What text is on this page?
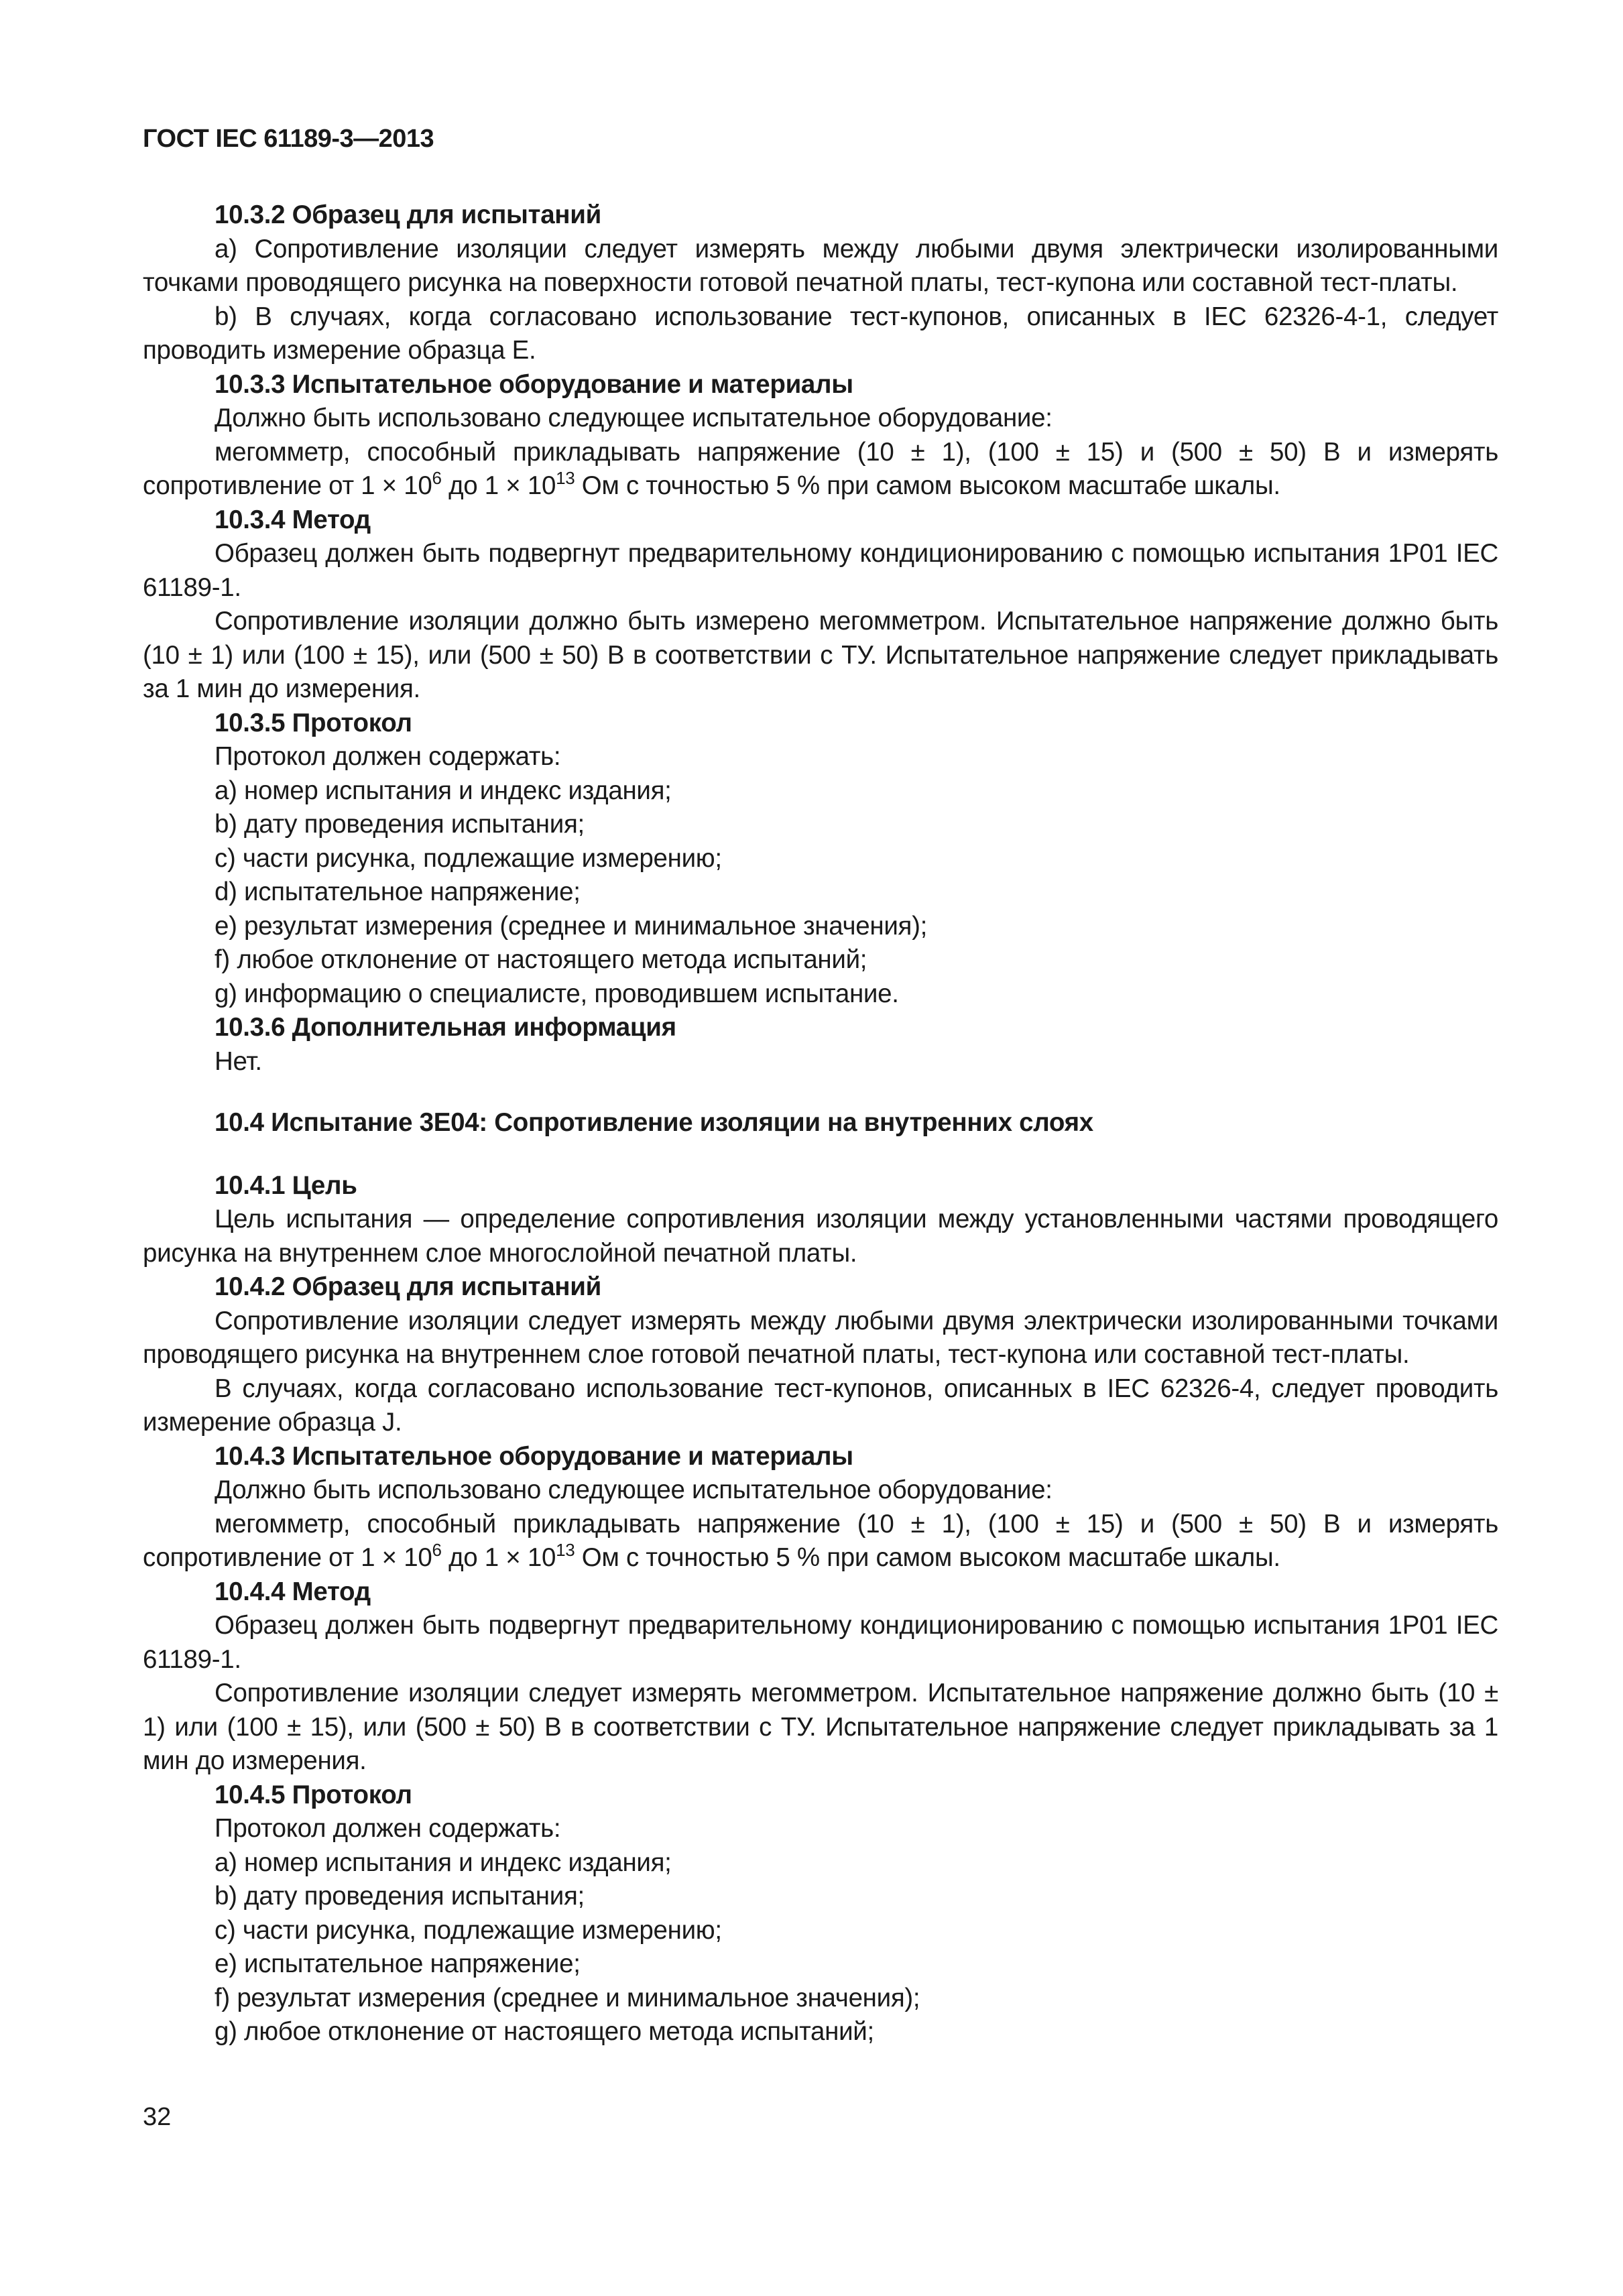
ГОСТ IEC 61189-3—2013

10.3.2 Образец для испытаний

a) Сопротивление изоляции следует измерять между любыми двумя электрически изолированными точками проводящего рисунка на поверхности готовой печатной платы, тест-купона или составной тест-платы.

b) В случаях, когда согласовано использование тест-купонов, описанных в IEC 62326-4-1, следует проводить измерение образца Е.

10.3.3 Испытательное оборудование и материалы

Должно быть использовано следующее испытательное оборудование:

мегомметр, способный прикладывать напряжение (10 ± 1), (100 ± 15) и (500 ± 50) В и измерять сопротивление от $1 \times 10^6$ до $1 \times 10^{13}$ Ом с точностью 5 % при самом высоком масштабе шкалы.

10.3.4 Метод

Образец должен быть подвергнут предварительному кондиционированию с помощью испытания 1Р01 IEC 61189-1.

Сопротивление изоляции должно быть измерено мегомметром. Испытательное напряжение должно быть (10 ± 1) или (100 ± 15), или (500 ± 50) В в соответствии с ТУ. Испытательное напряжение следует прикладывать за 1 мин до измерения.

10.3.5 Протокол

Протокол должен содержать:

a) номер испытания и индекс издания;

b) дату проведения испытания;

c) части рисунка, подлежащие измерению;

d) испытательное напряжение;

e) результат измерения (среднее и минимальное значения);

f) любое отклонение от настоящего метода испытаний;

g) информацию о специалисте, проводившем испытание.

10.3.6 Дополнительная информация

Нет.

10.4 Испытание 3Е04: Сопротивление изоляции на внутренних слоях

10.4.1 Цель

Цель испытания — определение сопротивления изоляции между установленными частями проводящего рисунка на внутреннем слое многослойной печатной платы.

10.4.2 Образец для испытаний

Сопротивление изоляции следует измерять между любыми двумя электрически изолированными точками проводящего рисунка на внутреннем слое готовой печатной платы, тест-купона или составной тест-платы.

В случаях, когда согласовано использование тест-купонов, описанных в IEC 62326-4, следует проводить измерение образца J.

10.4.3 Испытательное оборудование и материалы

Должно быть использовано следующее испытательное оборудование:

мегомметр, способный прикладывать напряжение (10 ± 1), (100 ± 15) и (500 ± 50) В и измерять сопротивление от $1 \times 10^6$ до $1 \times 10^{13}$ Ом с точностью 5 % при самом высоком масштабе шкалы.

10.4.4 Метод

Образец должен быть подвергнут предварительному кондиционированию с помощью испытания 1Р01 IEC 61189-1.

Сопротивление изоляции следует измерять мегомметром. Испытательное напряжение должно быть (10 ± 1) или (100 ± 15), или (500 ± 50) В в соответствии с ТУ. Испытательное напряжение следует прикладывать за 1 мин до измерения.

10.4.5 Протокол

Протокол должен содержать:

a) номер испытания и индекс издания;

b) дату проведения испытания;

c) части рисунка, подлежащие измерению;

e) испытательное напряжение;

f) результат измерения (среднее и минимальное значения);

g) любое отклонение от настоящего метода испытаний;

32
